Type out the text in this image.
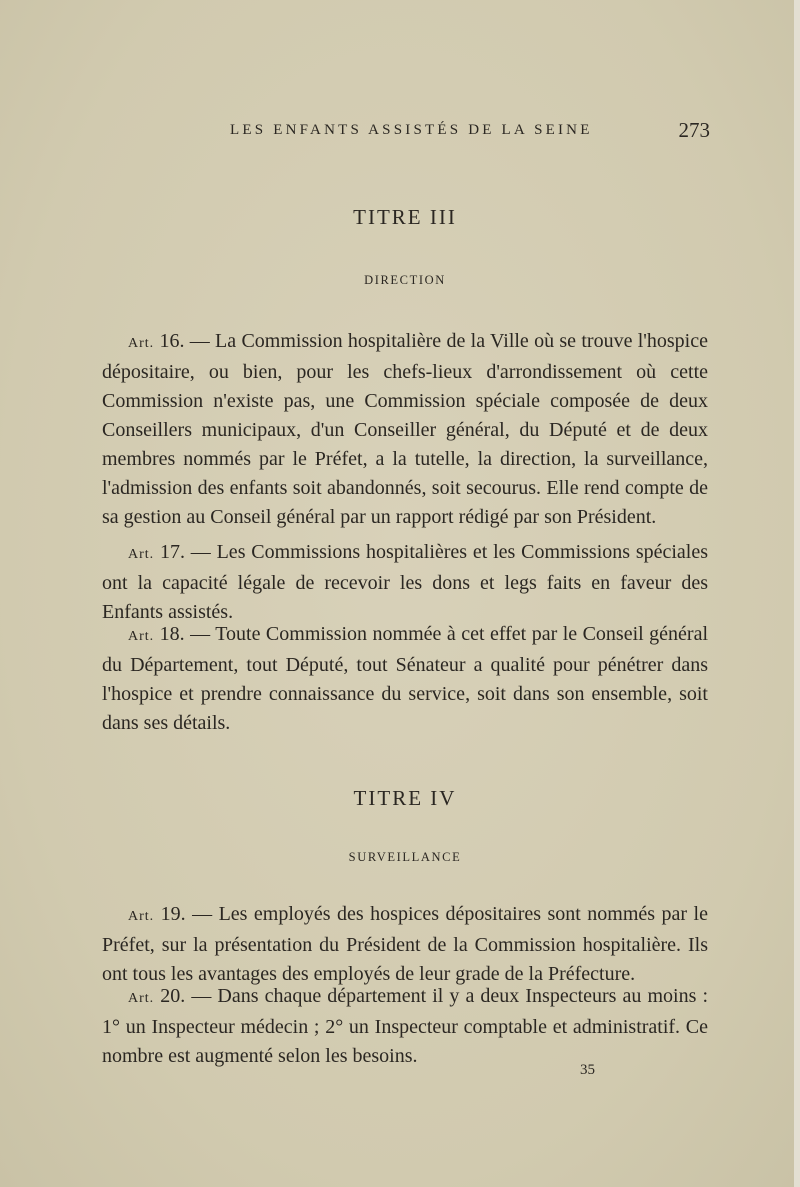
LES ENFANTS ASSISTÉS DE LA SEINE	273
TITRE III
DIRECTION

Art. 16. — La Commission hospitalière de la Ville où se trouve l'hospice dépositaire, ou bien, pour les chefs-lieux d'arrondissement où cette Commission n'existe pas, une Commission spéciale composée de deux Conseillers municipaux, d'un Conseiller général, du Député et de deux membres nommés par le Préfet, a la tutelle, la direction, la surveillance, l'admission des enfants soit abandonnés, soit secourus. Elle rend compte de sa gestion au Conseil général par un rapport rédigé par son Président.

Art. 17. — Les Commissions hospitalières et les Commissions spéciales ont la capacité légale de recevoir les dons et legs faits en faveur des Enfants assistés.

Art. 18. — Toute Commission nommée à cet effet par le Conseil général du Département, tout Député, tout Sénateur a qualité pour pénétrer dans l'hospice et prendre connaissance du service, soit dans son ensemble, soit dans ses détails.

TITRE IV
SURVEILLANCE

Art. 19. — Les employés des hospices dépositaires sont nommés par le Préfet, sur la présentation du Président de la Commission hospitalière. Ils ont tous les avantages des employés de leur grade de la Préfecture.

Art. 20. — Dans chaque département il y a deux Inspecteurs au moins : 1° un Inspecteur médecin ; 2° un Inspecteur comptable et administratif. Ce nombre est augmenté selon les besoins.

35
